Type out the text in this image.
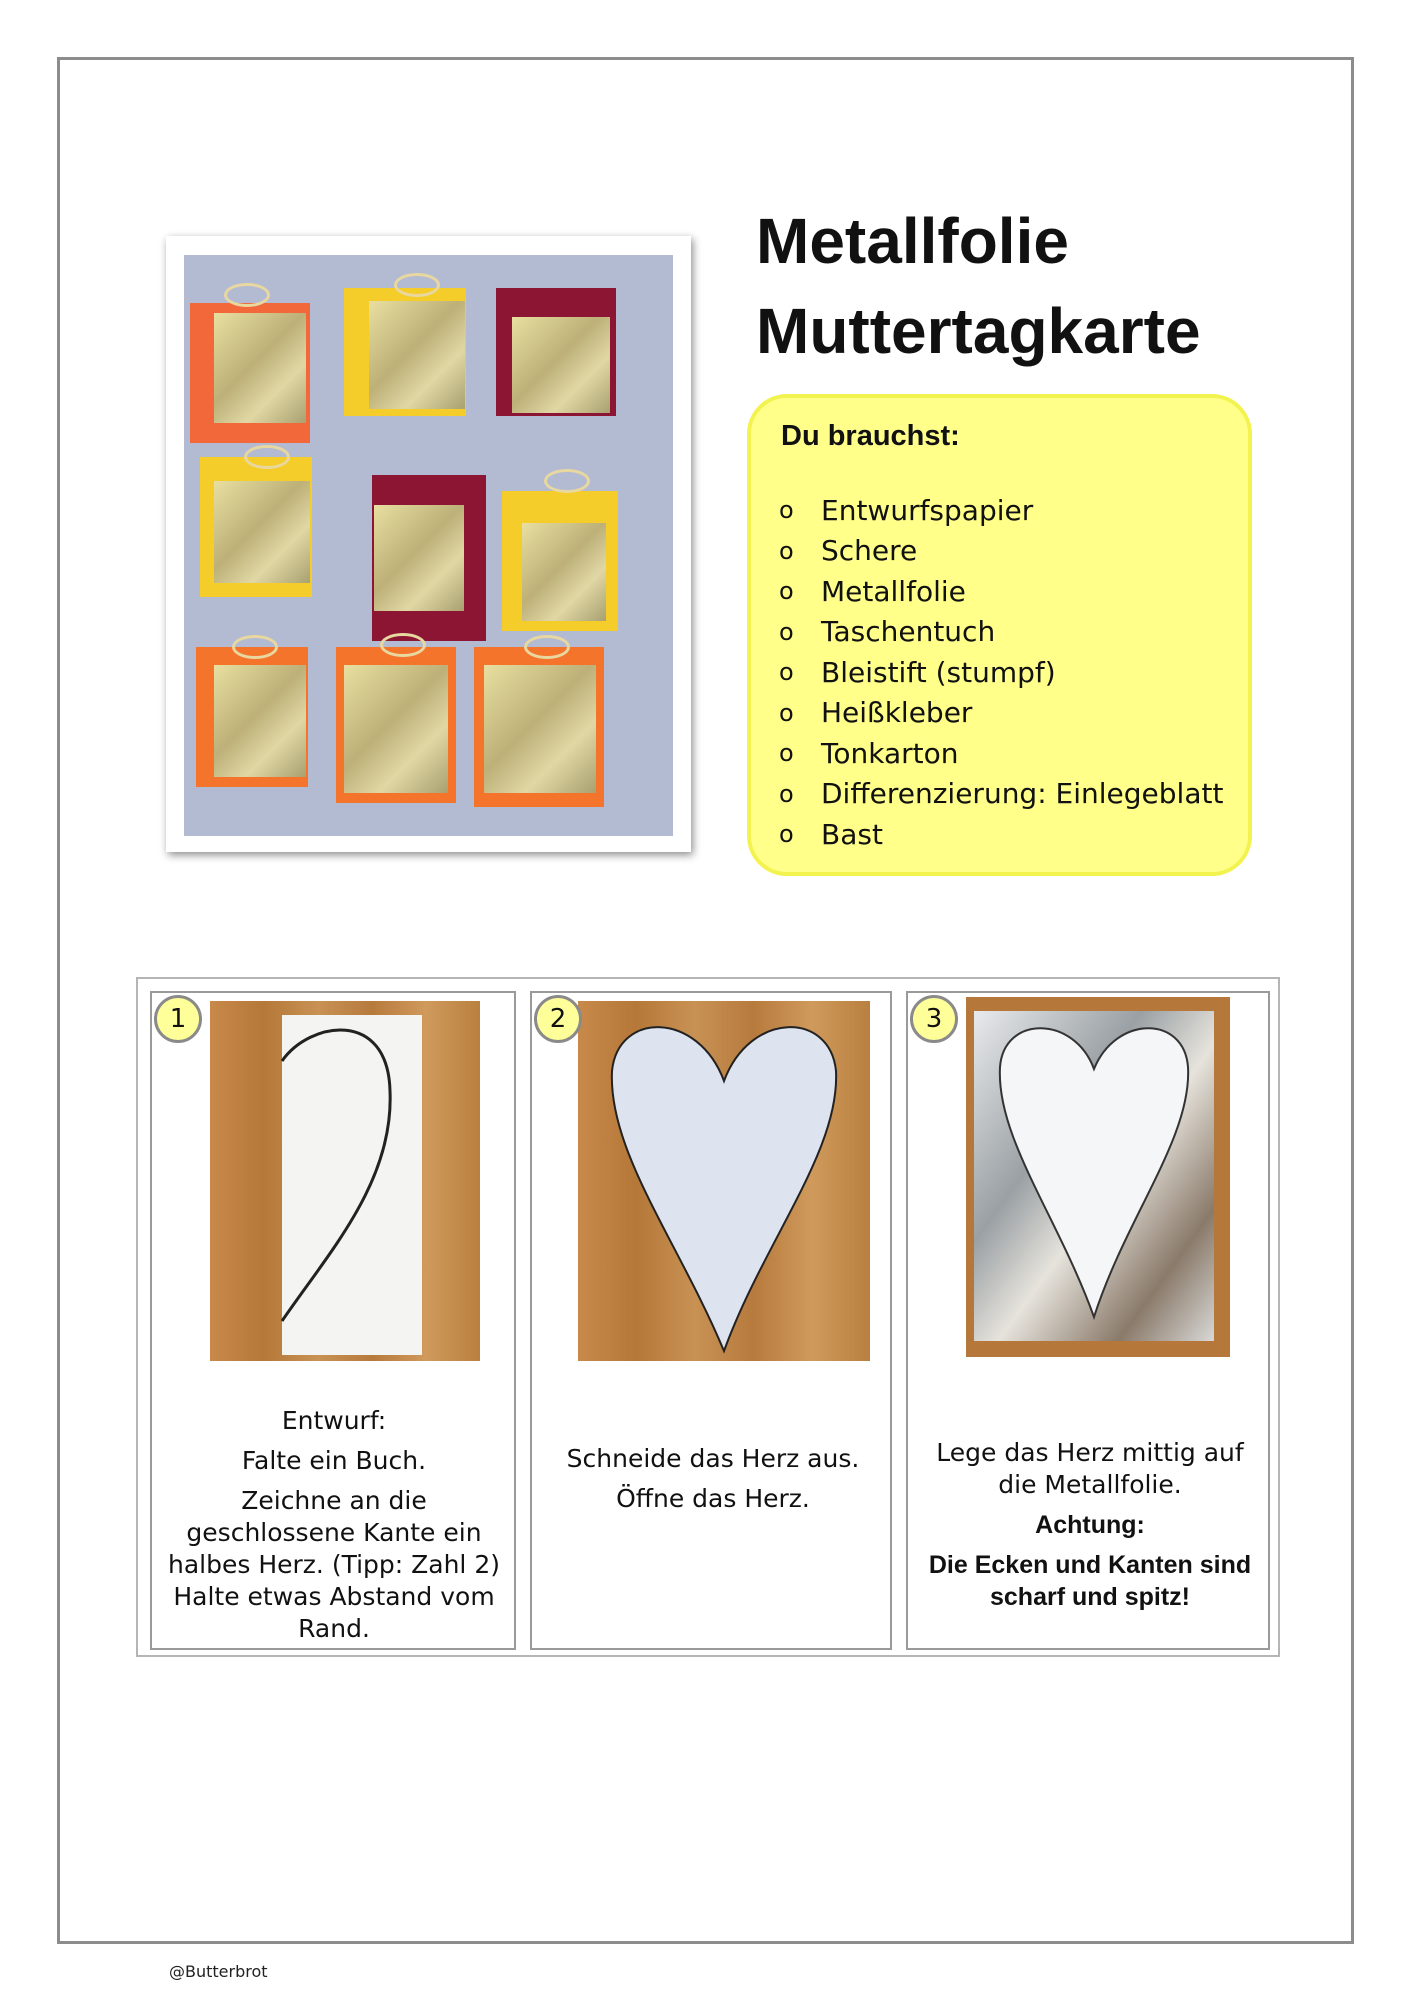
Metallfolie
Muttertagkarte
Du brauchst:
o Entwurfspapier
o Schere
o Metallfolie
o Taschentuch
o Bleistift (stumpf)
o Heißkleber
o Tonkarton
o Differenzierung: Einlegeblatt
o Bast
1

Entwurf:

Falte ein Buch.

Zeichne an die geschlossene Kante ein halbes Herz. (Tipp: Zahl 2) Halte etwas Abstand vom Rand.

2

Schneide das Herz aus.

Öffne das Herz.

3

Lege das Herz mittig auf die Metallfolie.

Achtung:

Die Ecken und Kanten sind scharf und spitz!

@Butterbrot
